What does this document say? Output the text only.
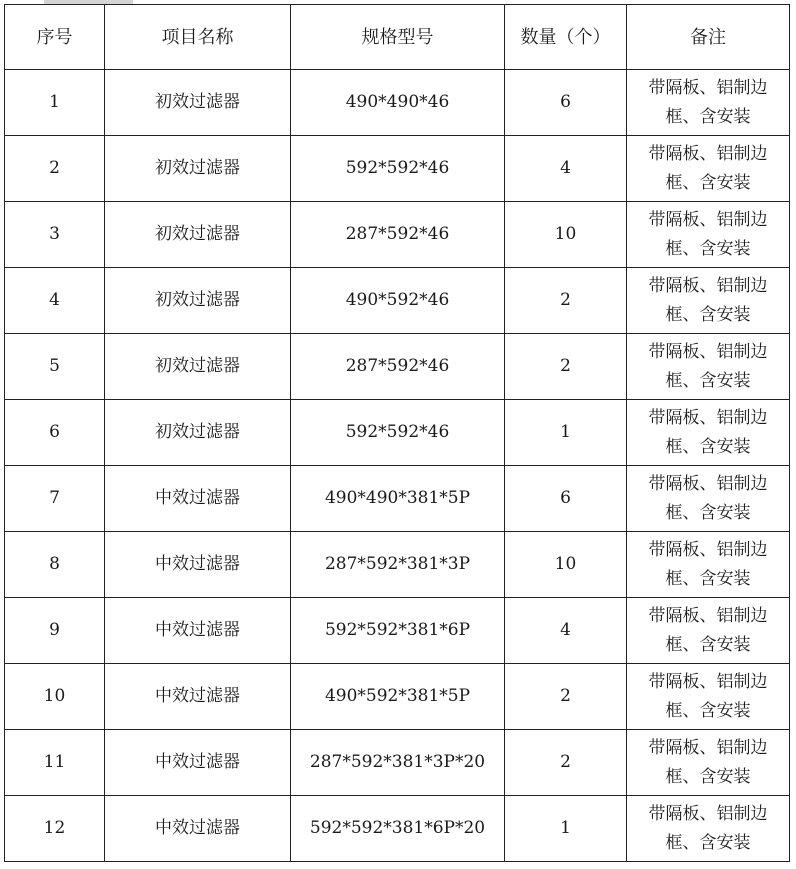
序号	项目名称	规格型号	数量（个）	备注
1	初效过滤器	490*490*46	6	带隔板、铝制边
框、含安装

2	初效过滤器	592*592*46	4	带隔板、铝制边
框、含安装

3	初效过滤器	287*592*46	10	带隔板、铝制边
框、含安装

4	初效过滤器	490*592*46	2	带隔板、铝制边
框、含安装

5	初效过滤器	287*592*46	2	带隔板、铝制边
框、含安装

6	初效过滤器	592*592*46	1	带隔板、铝制边
框、含安装

7	中效过滤器	490*490*381*5P	6	带隔板、铝制边
框、含安装

8	中效过滤器	287*592*381*3P	10	带隔板、铝制边
框、含安装

9	中效过滤器	592*592*381*6P	4	带隔板、铝制边
框、含安装

10	中效过滤器	490*592*381*5P	2	带隔板、铝制边
框、含安装

11	中效过滤器	287*592*381*3P*20	2	带隔板、铝制边
框、含安装

12	中效过滤器	592*592*381*6P*20	1	带隔板、铝制边
框、含安装
